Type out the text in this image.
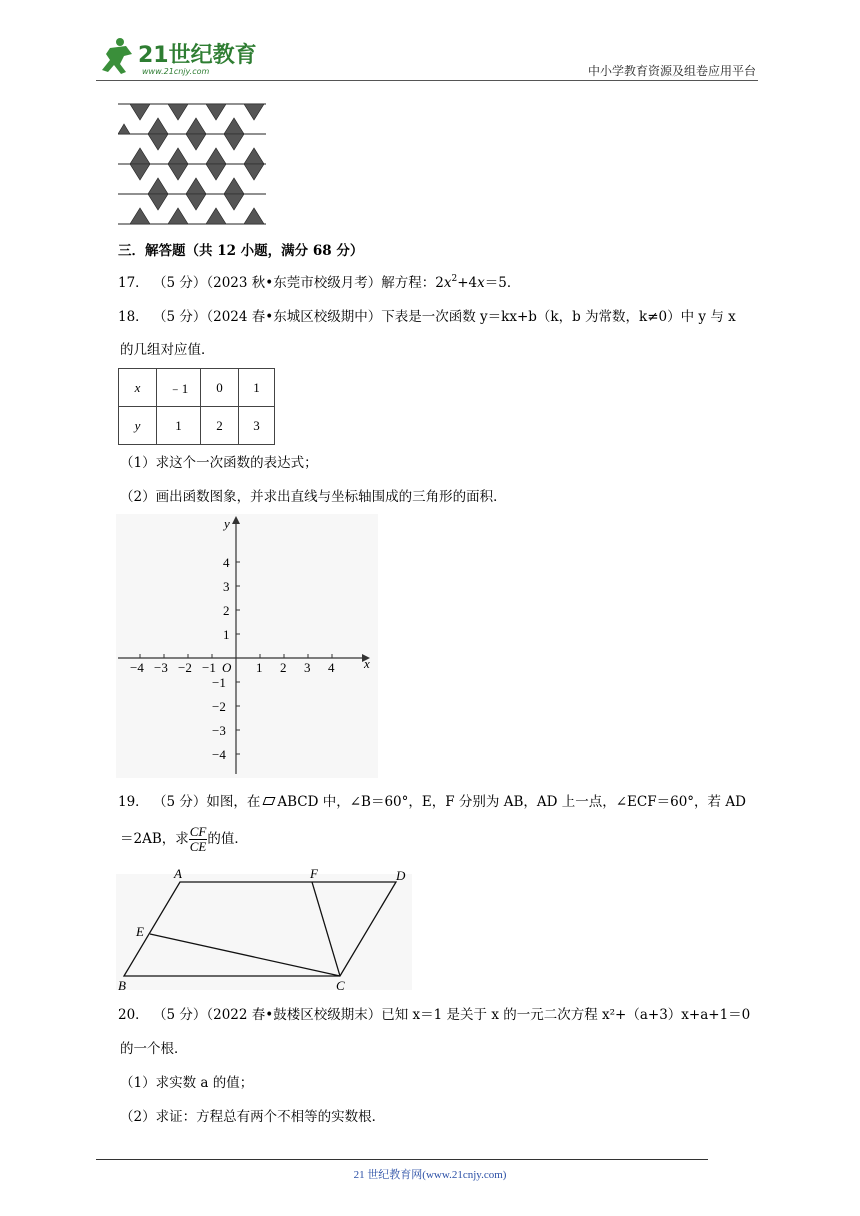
21世纪教育
www.21cnjy.com	中小学教育资源及组卷应用平台
三．解答题（共 12 小题，满分 68 分）
17． （5 分）（2023 秋•东莞市校级月考）解方程：$2x^2+4x=5$．
18． （5 分）（2024 春•东城区校级期中）下表是一次函数 y＝kx+b（k，b 为常数，k≠0）中 y 与 x
的几组对应值．
x	﹣1	0	1
y	1	2	3
（1）求这个一次函数的表达式；
（2）画出函数图象，并求出直线与坐标轴围成的三角形的面积．
−4 −3 −2 −1	1 2 3 4
4
3
2
1
−1
−2
−3
−4
x
y
O
19． （5 分）如图，在 ABCD 中，∠B＝60°，E，F 分别为 AB，AD 上一点，∠ECF＝60°，若 AD
＝2AB，求 $\frac{CF}{CE}$ 的值．
A	F	D
E
B	C
20． （5 分）（2022 春•鼓楼区校级期末）已知 x＝1 是关于 x 的一元二次方程 x²+（a+3）x+a+1＝0
的一个根．
（1）求实数 a 的值；
（2）求证：方程总有两个不相等的实数根．
21 世纪教育网(www.21cnjy.com)
